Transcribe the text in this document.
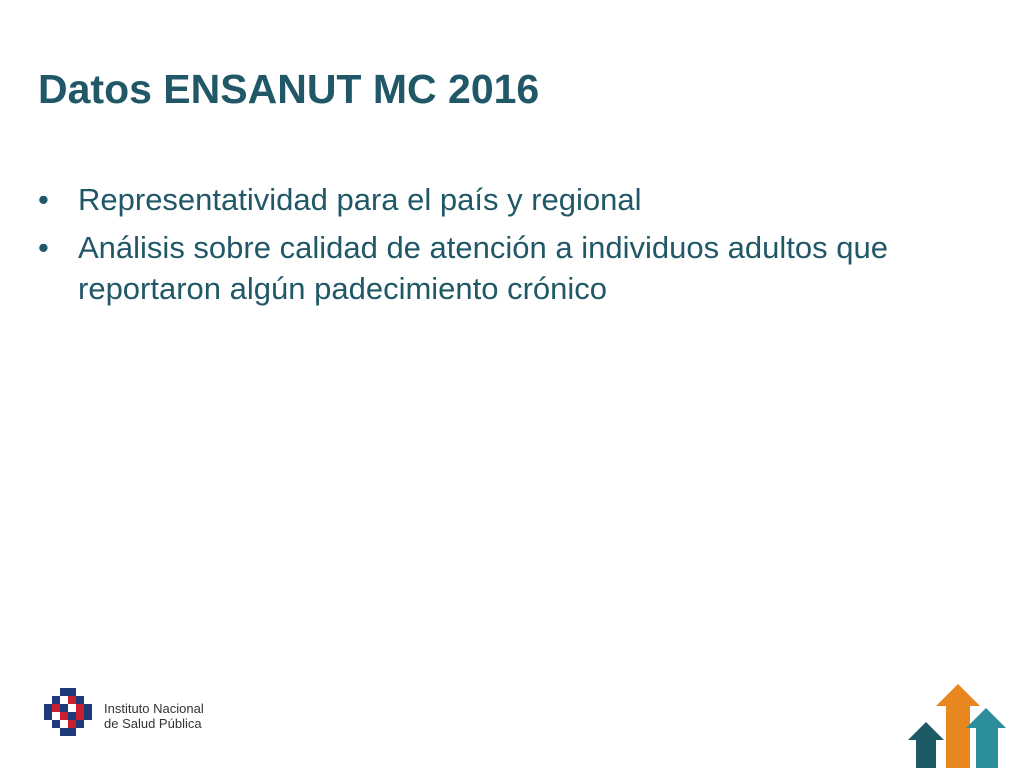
Datos ENSANUT MC 2016
• Representatividad para el país y regional
• Análisis sobre calidad de atención a individuos adultos que reportaron algún padecimiento crónico
Instituto Nacional
de Salud Pública
